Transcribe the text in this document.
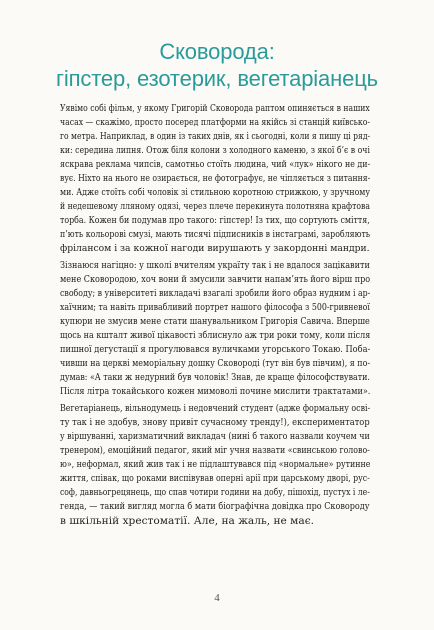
Сковорода:
гіпстер, езотерик, вегетаріанець
Уявімо собі фільм, у якому Григорій Сковорода раптом опиняється в наших
часах — скажімо, просто посеред платформи на якійсь зі станцій київсько-
го метра. Наприклад, в один із таких днів, як і сьогодні, коли я пишу ці ряд-
ки: середина липня. Отож біля колони з холодного каменю, з якої б’є в очі
яскрава реклама чипсів, самотньо стоїть людина, чий «лук» нікого не ди-
вує. Ніхто на нього не озирається, не фотографує, не чіпляється з питання-
ми. Адже стоїть собі чоловік зі стильною коротною стрижкою, у зручному
й недешевому лляному одязі, через плече перекинута полотняна крафтова
торба. Кожен би подумав про такого: гіпстер! Із тих, що сортують сміття,
п’ють кольорові смузі, мають тисячі підписників в інстаграмі, заробляють
фрілансом і за кожної нагоди вирушають у закордонні мандри.
Зізнаюся нагіцно: у школі вчителям україту так і не вдалося зацікавити
мене Сковородою, хоч вони й змусили завчити напам’ять його вірш про
свободу; в університеті викладачі взагалі зробили його образ нудним і ар-
хаїчним; та навіть привабливий портрет нашого філософа з 500-гривневої
купюри не змусив мене стати шанувальником Григорія Савича. Вперше
щось на кшталт живої цікавості зблиснуло аж три роки тому, коли після
пишної дегустації я прогулювався вуличками угорського Токаю. Поба-
чивши на церкві меморіальну дошку Сковороді (тут він був півчим), я по-
думав: «А таки ж недурний був чоловік! Знав, де краще філософствувати.
Після літра токайського кожен мимоволі почине мислити трактатами».
Вегетаріанець, вільнодумець і недовчений студент (адже формальну осві-
ту так і не здобув, знову привіт сучасному тренду!), експериментатор
у віршуванні, харизматичний викладач (нині б такого назвали коучем чи
тренером), емоційний педагог, який міг учня назвати «свинською голово-
ю», неформал, який жив так і не підлаштувався під «нормальне» рутинне
життя, співак, що роками виспівував оперні арії при царському дворі, рус-
соф, давньогрецянець, що спав чотири години на добу, пішохід, пустух і ле-
гендa, — такий вигляд могла б мати біографічна довідка про Сковороду
в шкільній хрестоматії. Але, на жаль, не має.
4
